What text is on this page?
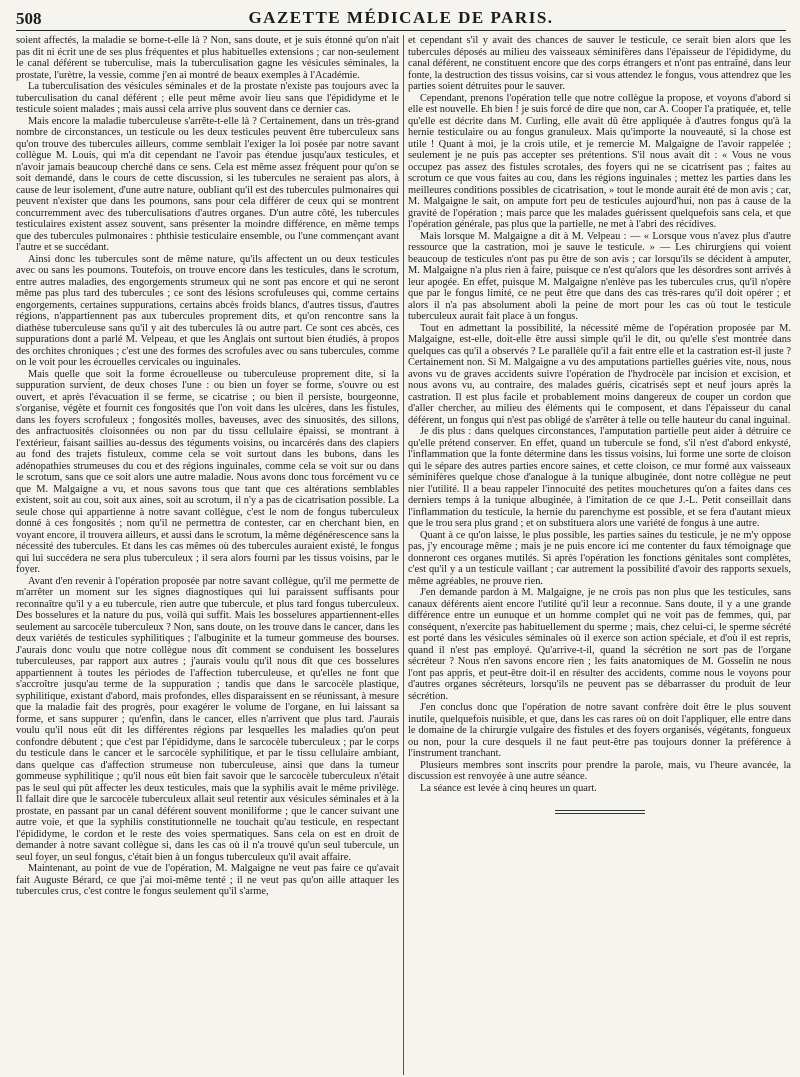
508	GAZETTE MÉDICALE DE PARIS.

soient affectés, la maladie se borne-t-elle là ? Non, sans doute, et je suis étonné qu'on n'ait pas dit ni écrit une de ses plus fréquentes et plus habituelles extensions ; car non-seulement le canal déférent se tuberculise, mais la tuberculisation gagne les vésicules séminales, la prostate, l'urètre, la vessie, comme j'en ai montré de beaux exemples à l'Académie.

La tuberculisation des vésicules séminales et de la prostate n'existe pas toujours avec la tuberculisation du canal déférent ; elle peut même avoir lieu sans que l'épididyme et le testicule soient malades ; mais aussi cela arrive plus souvent dans ce dernier cas.

Mais encore la maladie tuberculeuse s'arrête-t-elle là ? Certainement, dans un très-grand nombre de circonstances, un testicule ou les deux testicules peuvent être tuberculeux sans qu'on trouve des tubercules ailleurs, comme semblait l'exiger la loi posée par notre savant collègue M. Louis, qui m'a dit cependant ne l'avoir pas étendue jusqu'aux testicules, et n'avoir jamais beaucoup cherché dans ce sens. Cela est même assez fréquent pour qu'on se soit demandé, dans le cours de cette discussion, si les tubercules ne seraient pas alors, à cause de leur isolement, d'une autre nature, oubliant qu'il est des tubercules pulmonaires qui peuvent n'exister que dans les poumons, sans pour cela différer de ceux qui se montrent concurremment avec des tuberculisations d'autres organes. D'un autre côté, les tubercules testiculaires existent assez souvent, sans présenter la moindre différence, en même temps que des tubercules pulmonaires : phthisie testiculaire ensemble, ou l'une commençant avant l'autre et se succédant.

Ainsi donc les tubercules sont de même nature, qu'ils affectent un ou deux testicules avec ou sans les poumons. Toutefois, on trouve encore dans les testicules, dans le scrotum, entre autres maladies, des engorgements strumeux qui ne sont pas encore et qui ne seront même pas plus tard des tubercules ; ce sont des lésions scrofuleuses qui, comme certains engorgements, certaines suppurations, certains abcès froids blancs, d'autres tissus, d'autres régions, n'appartiennent pas aux tubercules proprement dits, et qu'on rencontre sans la diathèse tuberculeuse sans qu'il y ait des tubercules là ou autre part. Ce sont ces abcès, ces suppurations dont a parlé M. Velpeau, et que les Anglais ont surtout bien étudiés, à propos des orchites chroniques ; c'est une des formes des scrofules avec ou sans tubercules, comme on le voit pour les écrouelles cervicales ou inguinales.

Mais quelle que soit la forme écrouelleuse ou tuberculeuse proprement dite, si la suppuration survient, de deux choses l'une : ou bien un foyer se forme, s'ouvre ou est ouvert, et après l'évacuation il se ferme, se cicatrise ; ou bien il persiste, bourgeonne, s'organise, végète et fournit ces fongosités que l'on voit dans les ulcères, dans les fistules, dans les foyers scrofuleux ; fongosités molles, baveuses, avec des sinuosités, des sillons, des anfractuosités cloisonnées ou non par du tissu cellulaire épaissi, se montrant à l'extérieur, faisant saillies au-dessus des téguments voisins, ou incarcérés dans des clapiers au fond des trajets fistuleux, comme cela se voit surtout dans les bubons, dans les adénopathies strumeuses du cou et des régions inguinales, comme cela se voit sur ou dans le scrotum, sans que ce soit alors une autre maladie. Nous avons donc tous forcément vu ce que M. Malgaigne a vu, et nous savons tous que tant que ces altérations semblables existent, soit au cou, soit aux aines, soit au scrotum, il n'y a pas de cicatrisation possible. La seule chose qui appartienne à notre savant collègue, c'est le nom de fongus tuberculeux donné à ces fongosités ; nom qu'il ne permettra de contester, car en cherchant bien, en voyant encore, il trouvera ailleurs, et aussi dans le scrotum, la même dégénérescence sans la nécessité des tubercules. Et dans les cas mêmes où des tubercules auraient existé, le fongus qui lui succédera ne sera plus tuberculeux ; il sera alors fourni par les tissus voisins, par le foyer.

Avant d'en revenir à l'opération proposée par notre savant collègue, qu'il me permette de m'arrêter un moment sur les signes diagnostiques qui lui paraissent suffisants pour reconnaître qu'il y a eu tubercule, rien autre que tubercule, et plus tard fongus tuberculeux. Des bosselures et la nature du pus, voilà qui suffit. Mais les bosselures appartiennent-elles seulement au sarcocèle tuberculeux ? Non, sans doute, on les trouve dans le cancer, dans les deux variétés de testicules syphilitiques ; l'albuginite et la tumeur gommeuse des bourses. J'aurais donc voulu que notre collègue nous dît comment se conduisent les bosselures tuberculeuses, par rapport aux autres ; j'aurais voulu qu'il nous dît que ces bosselures appartiennent à toutes les périodes de l'affection tuberculeuse, et qu'elles ne font que s'accroître jusqu'au terme de la suppuration ; tandis que dans le sarcocèle plastique, syphilitique, existant d'abord, mais profondes, elles disparaissent en se réunissant, à mesure que la maladie fait des progrès, pour exagérer le volume de l'organe, en lui laissant sa forme, et sans suppurer ; qu'enfin, dans le cancer, elles n'arrivent que plus tard. J'aurais voulu qu'il nous eût dit les différentes régions par lesquelles les maladies qu'on peut confondre débutent ; que c'est par l'épididyme, dans le sarcocèle tuberculeux ; par le corps du testicule dans le cancer et le sarcocèle syphilitique, et par le tissu cellulaire ambiant, dans quelque cas d'affection strumeuse non tuberculeuse, ainsi que dans la tumeur gommeuse syphilitique ; qu'il nous eût bien fait savoir que le sarcocèle tuberculeux n'était pas le seul qui pût affecter les deux testicules, mais que la syphilis avait le même privilège. Il fallait dire que le sarcocèle tuberculeux allait seul retentir aux vésicules séminales et à la prostate, en passant par un canal déférent souvent moniliforme ; que le cancer suivant une autre voie, et que la syphilis constitutionnelle ne touchait qu'au testicule, en respectant l'épididyme, le cordon et le reste des voies spermatiques. Sans cela on est en droit de demander à notre savant collègue si, dans les cas où il n'a trouvé qu'un seul tubercule, un seul foyer, un seul fongus, c'était bien à un fongus tuberculeux qu'il avait affaire.

Maintenant, au point de vue de l'opération, M. Malgaigne ne veut pas faire ce qu'avait fait Auguste Bérard, ce que j'ai moi-même tenté ; il ne veut pas qu'on aille attaquer les tubercules crus, c'est contre le fongus seulement qu'il s'arme,

et cependant s'il y avait des chances de sauver le testicule, ce serait bien alors que les tubercules déposés au milieu des vaisseaux séminifères dans l'épaisseur de l'épididyme, du canal déférent, ne constituent encore que des corps étrangers et n'ont pas entraîné, dans leur fonte, la destruction des tissus voisins, car si vous attendez le fongus, vous attendrez que les parties soient détruites pour le sauver.

Cependant, prenons l'opération telle que notre collègue la propose, et voyons d'abord si elle est nouvelle. Eh bien ! je suis forcé de dire que non, car A. Cooper l'a pratiquée, et, telle qu'elle est décrite dans M. Curling, elle avait dû être appliquée à d'autres fongus qu'à la hernie testiculaire ou au fongus granuleux. Mais qu'importe la nouveauté, si la chose est utile ! Quant à moi, je la crois utile, et je remercie M. Malgaigne de l'avoir rappelée ; seulement je ne puis pas accepter ses prétentions. S'il nous avait dit : « Vous ne vous occupez pas assez des fistules scrotales, des foyers qui ne se cicatrisent pas ; faites au scrotum ce que vous faites au cou, dans les régions inguinales ; mettez les parties dans les meilleures conditions possibles de cicatrisation, » tout le monde aurait été de mon avis ; car, M. Malgaigne le sait, on ampute fort peu de testicules aujourd'hui, non pas à cause de la gravité de l'opération ; mais parce que les malades guérissent quelquefois sans cela, et que l'opération générale, pas plus que la partielle, ne met à l'abri des récidives.

Mais lorsque M. Malgaigne a dit à M. Velpeau : — « Lorsque vous n'avez plus d'autre ressource que la castration, moi je sauve le testicule. » — Les chirurgiens qui voient beaucoup de testicules n'ont pas pu être de son avis ; car lorsqu'ils se décident à amputer, M. Malgaigne n'a plus rien à faire, puisque ce n'est qu'alors que les désordres sont arrivés à leur apogée. En effet, puisque M. Malgaigne n'enlève pas les tubercules crus, qu'il n'opère que par le fongus limité, ce ne peut être que dans des cas très-rares qu'il doit opérer ; et alors il n'a pas absolument aboli la peine de mort pour les cas où tout le testicule tuberculeux aurait fait place à un fongus.

Tout en admettant la possibilité, la nécessité même de l'opération proposée par M. Malgaigne, est-elle, doit-elle être aussi simple qu'il le dit, ou qu'elle s'est montrée dans quelques cas qu'il a observés ? Le parallèle qu'il a fait entre elle et la castration est-il juste ? Certainement non. Si M. Malgaigne a vu des amputations partielles guéries vite, nous, nous avons vu de graves accidents suivre l'opération de l'hydrocèle par incision et excision, et nous avons vu, au contraire, des malades guéris, cicatrisés sept et neuf jours après la castration. Il est plus facile et probablement moins dangereux de couper un cordon que d'aller chercher, au milieu des éléments qui le composent, et dans l'épaisseur du canal déférent, un fongus qui n'est pas obligé de s'arrêter à telle ou telle hauteur du canal inguinal.

Je dis plus : dans quelques circonstances, l'amputation partielle peut aider à détruire ce qu'elle prétend conserver. En effet, quand un tubercule se fond, s'il n'est d'abord enkysté, l'inflammation que la fonte détermine dans les tissus voisins, lui forme une sorte de cloison qui le sépare des autres parties encore saines, et cette cloison, ce mur formé aux vaisseaux séminifères quelque chose d'analogue à la tunique albuginée, dont notre collègue ne peut nier l'utilité. Il a beau rappeler l'innocuité des petites mouchetures qu'on a faites dans ces derniers temps à la tunique albuginée, à l'imitation de ce que J.-L. Petit conseillait dans l'inflammation du testicule, la hernie du parenchyme est possible, et se fera d'autant mieux que le trou sera plus grand ; et on substituera alors une variété de fongus à une autre.

Quant à ce qu'on laisse, le plus possible, les parties saines du testicule, je ne m'y oppose pas, j'y encourage même ; mais je ne puis encore ici me contenter du faux témoignage que donneront ces organes mutilés. Si après l'opération les fonctions génitales sont complètes, c'est qu'il y a un testicule vaillant ; car autrement la possibilité d'avoir des rapports sexuels, même agréables, ne prouve rien.

J'en demande pardon à M. Malgaigne, je ne crois pas non plus que les testicules, sans canaux déférents aient encore l'utilité qu'il leur a reconnue. Sans doute, il y a une grande différence entre un eunuque et un homme complet qui ne voit pas de femmes, qui, par conséquent, n'exercite pas habituellement du sperme ; mais, chez celui-ci, le sperme sécrété est porté dans les vésicules séminales où il exerce son action spéciale, et d'où il est repris, quand il n'est pas employé. Qu'arrive-t-il, quand la sécrétion ne sort pas de l'organe sécréteur ? Nous n'en savons encore rien ; les faits anatomiques de M. Gosselin ne nous l'ont pas appris, et peut-être doit-il en résulter des accidents, comme nous le voyons pour d'autres organes sécréteurs, lorsqu'ils ne peuvent pas se débarrasser du produit de leur sécrétion.

J'en conclus donc que l'opération de notre savant confrère doit être le plus souvent inutile, quelquefois nuisible, et que, dans les cas rares où on doit l'appliquer, elle entre dans le domaine de la chirurgie vulgaire des fistules et des foyers organisés, végétants, fongueux ou non, pour la cure desquels il ne faut peut-être pas toujours donner la préférence à l'instrument tranchant.

Plusieurs membres sont inscrits pour prendre la parole, mais, vu l'heure avancée, la discussion est renvoyée à une autre séance.

La séance est levée à cinq heures un quart.
